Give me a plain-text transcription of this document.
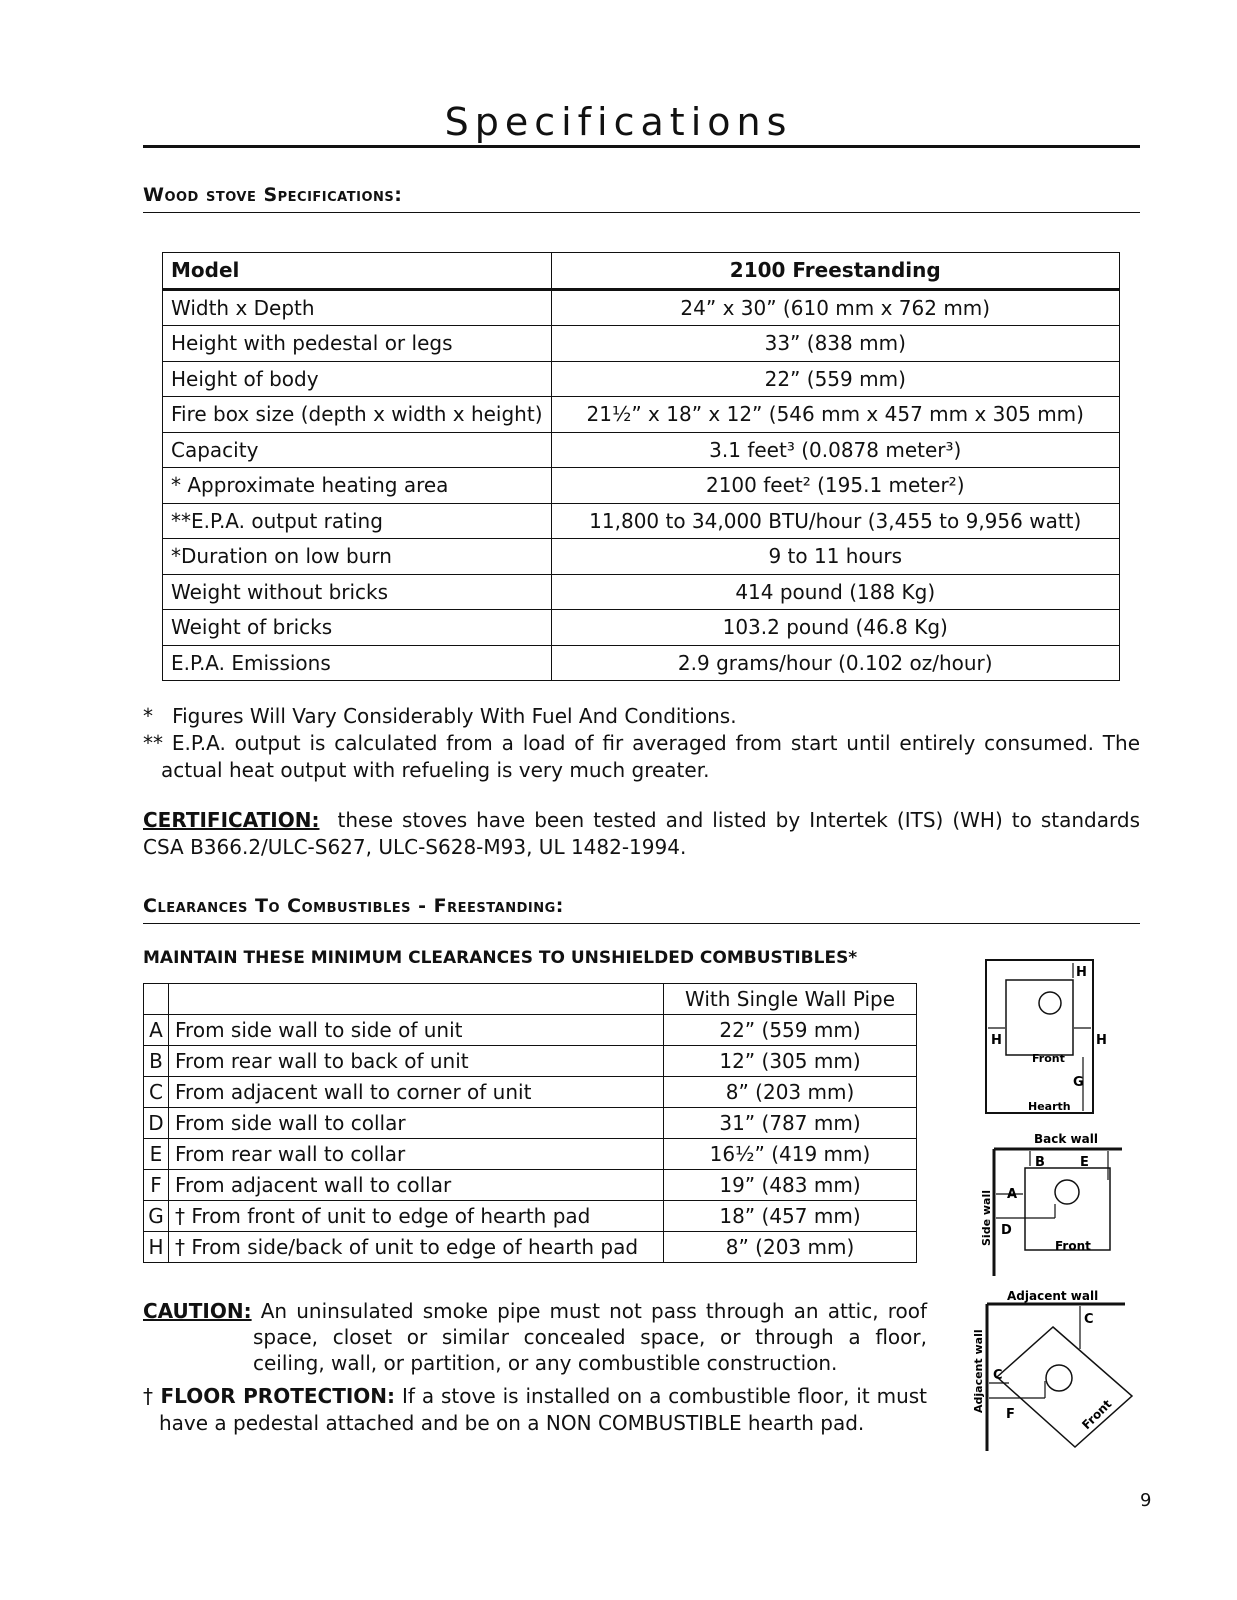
Specifications
Wood stove Specifications:
Model	2100 Freestanding
Width x Depth	24” x 30” (610 mm x 762 mm)
Height with pedestal or legs	33” (838 mm)
Height of body	22” (559 mm)
Fire box size (depth x width x height)	21½” x 18” x 12” (546 mm x 457 mm x 305 mm)
Capacity	3.1 feet³ (0.0878 meter³)
* Approximate heating area	2100 feet² (195.1 meter²)
**E.P.A. output rating	11,800 to 34,000 BTU/hour (3,455 to 9,956 watt)
*Duration on low burn	9 to 11 hours
Weight without bricks	414 pound (188 Kg)
Weight of bricks	103.2 pound (46.8 Kg)
E.P.A. Emissions	2.9 grams/hour (0.102 oz/hour)
*   Figures Will Vary Considerably With Fuel And Conditions.
** E.P.A. output is calculated from a load of fir averaged from start until entirely consumed. The actual heat output with refueling is very much greater.
CERTIFICATION: these stoves have been tested and listed by Intertek (ITS) (WH) to standards CSA B366.2/ULC-S627, ULC-S628-M93, UL 1482-1994.
Clearances To Combustibles - Freestanding:
MAINTAIN THESE MINIMUM CLEARANCES TO UNSHIELDED COMBUSTIBLES*
		With Single Wall Pipe
A	From side wall to side of unit	22” (559 mm)
B	From rear wall to back of unit	12” (305 mm)
C	From adjacent wall to corner of unit	8” (203 mm)
D	From side wall to collar	31” (787 mm)
E	From rear wall to collar	16½” (419 mm)
F	From adjacent wall to collar	19” (483 mm)
G	† From front of unit to edge of hearth pad	18” (457 mm)
H	† From side/back of unit to edge of hearth pad	8” (203 mm)
CAUTION: An uninsulated smoke pipe must not pass through an attic, roof space, closet or similar concealed space, or through a floor, ceiling, wall, or partition, or any combustible construction.
† FLOOR PROTECTION: If a stove is installed on a combustible floor, it must have a pedestal attached and be on a NON COMBUSTIBLE hearth pad.
H
H	H
Front
G
Hearth
Back wall
B	E
A
D
Front
Side wall
Adjacent wall
C
C
F	Front
Adjacent wall
9
